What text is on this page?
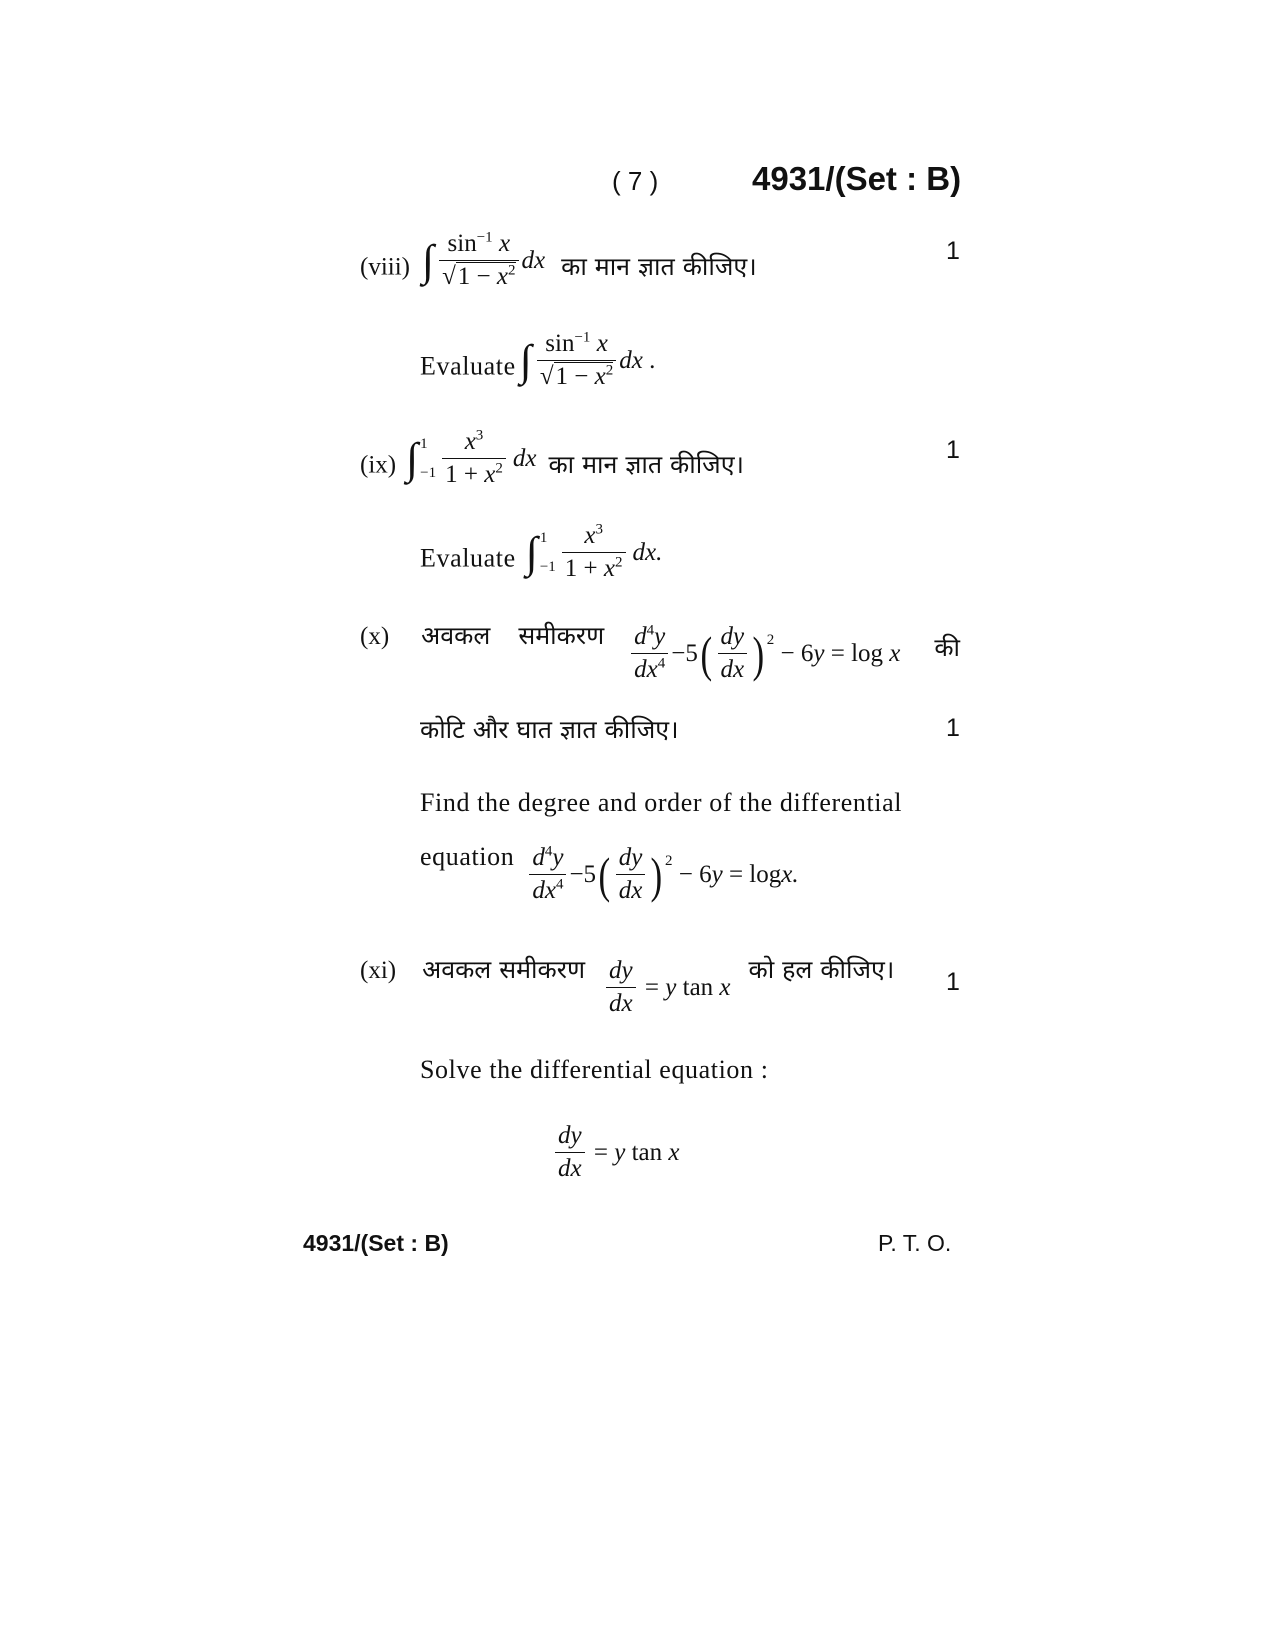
( 7 )	4931/(Set : B)
(viii) ∫ $\frac{\sin^{-1} x}{√1 - x^2}$ dx का मान ज्ञात कीजिए।
1
Evaluate ∫ $\frac{\sin^{-1} x}{√1 - x^2}$ dx .
(ix) ∫ 1
$-1 \frac{x^3}{1 + x^2}$ dx का मान ज्ञात कीजिए।	1
Evaluate ∫ 1
$-1 \frac{x^3}{1 + x^2}$ dx.
(x) अवकल समीकरण $\frac{d^4y}{dx^4} -5$ ( $\frac{dy}{dx} )^2 - 6$ y = log x की
कोटि और घात ज्ञात कीजिए।	1
Find the degree and order of the differential
equation $\frac{d^4y}{dx^4} -5$ ( $\frac{dy}{dx} )^2 - 6$ y = log x.
(xi) अवकल समीकरण $\frac{dy}{dx} = y$ tan x
को हल कीजिए। 1
Solve the differential equation :
$\frac{dy}{dx} = y$ tan x
4931/(Set : B)	P. T. O.
